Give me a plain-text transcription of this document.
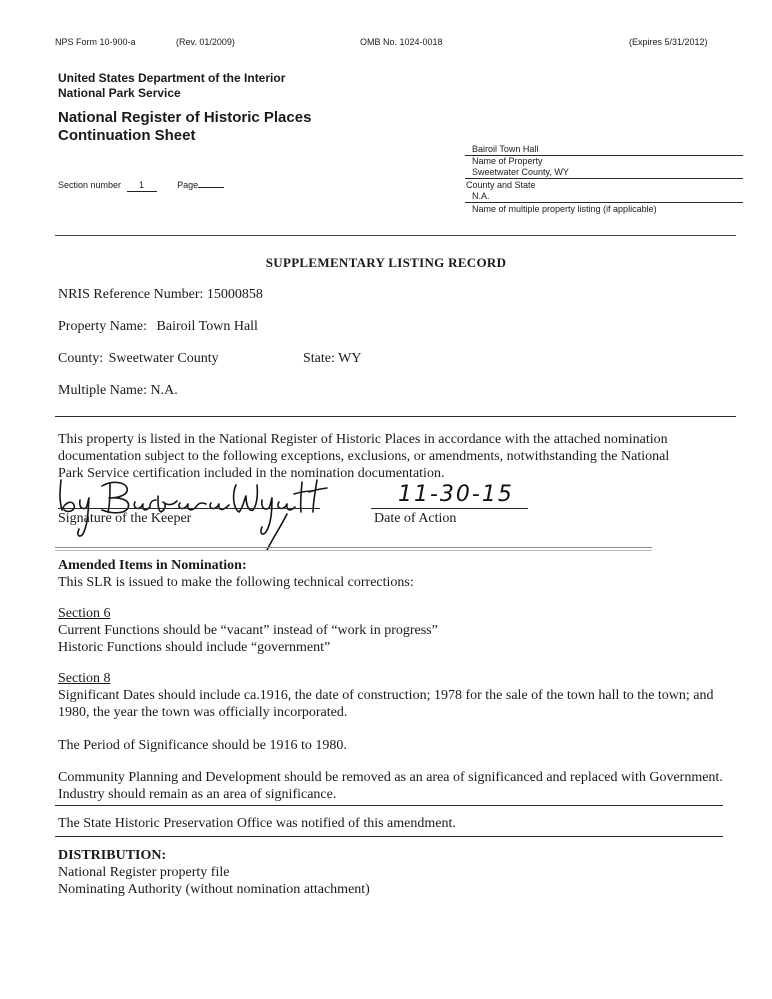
NPS Form 10-900-a	(Rev. 01/2009)	OMB No. 1024-0018	(Expires 5/31/2012)
United States Department of the Interior
National Park Service
National Register of Historic Places
Continuation Sheet
Section number 1	Page
Bairoil Town Hall
Name of Property
Sweetwater County, WY
County and State
N.A.
Name of multiple property listing (if applicable)
SUPPLEMENTARY LISTING RECORD
NRIS Reference Number: 15000858
Property Name: Bairoil Town Hall
County: Sweetwater County	State: WY
Multiple Name: N.A.
This property is listed in the National Register of Historic Places in accordance with the attached nomination
documentation subject to the following exceptions, exclusions, or amendments, notwithstanding the National
Park Service certification included in the nomination documentation.
Signature of the Keeper
11-30-15
Date of Action
Amended Items in Nomination:
This SLR is issued to make the following technical corrections:
Section 6
Current Functions should be “vacant” instead of “work in progress”
Historic Functions should include “government”
Section 8
Significant Dates should include ca.1916, the date of construction; 1978 for the sale of the town hall to the town; and
1980, the year the town was officially incorporated.
The Period of Significance should be 1916 to 1980.
Community Planning and Development should be removed as an area of significanced and replaced with Government.
Industry should remain as an area of significance.
The State Historic Preservation Office was notified of this amendment.
DISTRIBUTION:
National Register property file
Nominating Authority (without nomination attachment)
